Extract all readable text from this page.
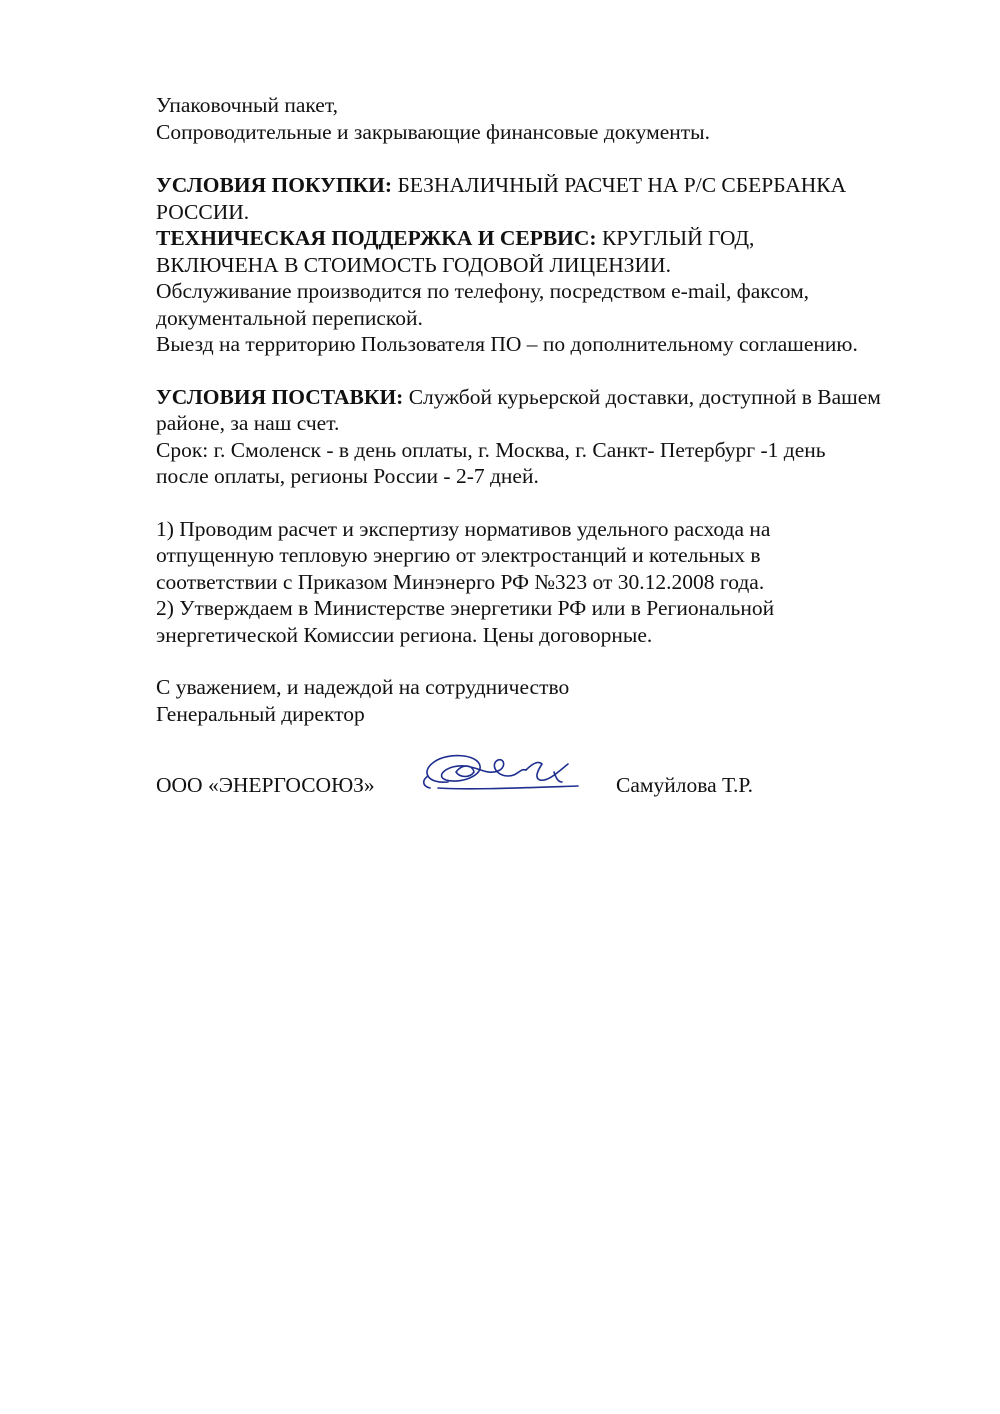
Упаковочный пакет,
Сопроводительные и закрывающие финансовые документы.
УСЛОВИЯ ПОКУПКИ: БЕЗНАЛИЧНЫЙ РАСЧЕТ НА Р/С СБЕРБАНКА
РОССИИ.
ТЕХНИЧЕСКАЯ ПОДДЕРЖКА И СЕРВИС: КРУГЛЫЙ ГОД,
ВКЛЮЧЕНА В СТОИМОСТЬ ГОДОВОЙ ЛИЦЕНЗИИ.
Обслуживание производится по телефону, посредством e-mail, факсом,
документальной перепиской.
Выезд на территорию Пользователя ПО – по дополнительному соглашению.
УСЛОВИЯ ПОСТАВКИ: Службой курьерской доставки, доступной в Вашем
районе, за наш счет.
Срок: г. Смоленск - в день оплаты, г. Москва, г. Санкт- Петербург -1 день
после оплаты, регионы России - 2-7 дней.
1) Проводим расчет и экспертизу нормативов удельного расхода на
отпущенную тепловую энергию от электростанций и котельных в
соответствии с Приказом Минэнерго РФ №323 от 30.12.2008 года.
2) Утверждаем в Министерстве энергетики РФ или в Региональной
энергетической Комиссии региона. Цены договорные.
С уважением, и надеждой на сотрудничество
Генеральный директор
ООО «ЭНЕРГОСОЮЗ»	Самуйлова Т.Р.
